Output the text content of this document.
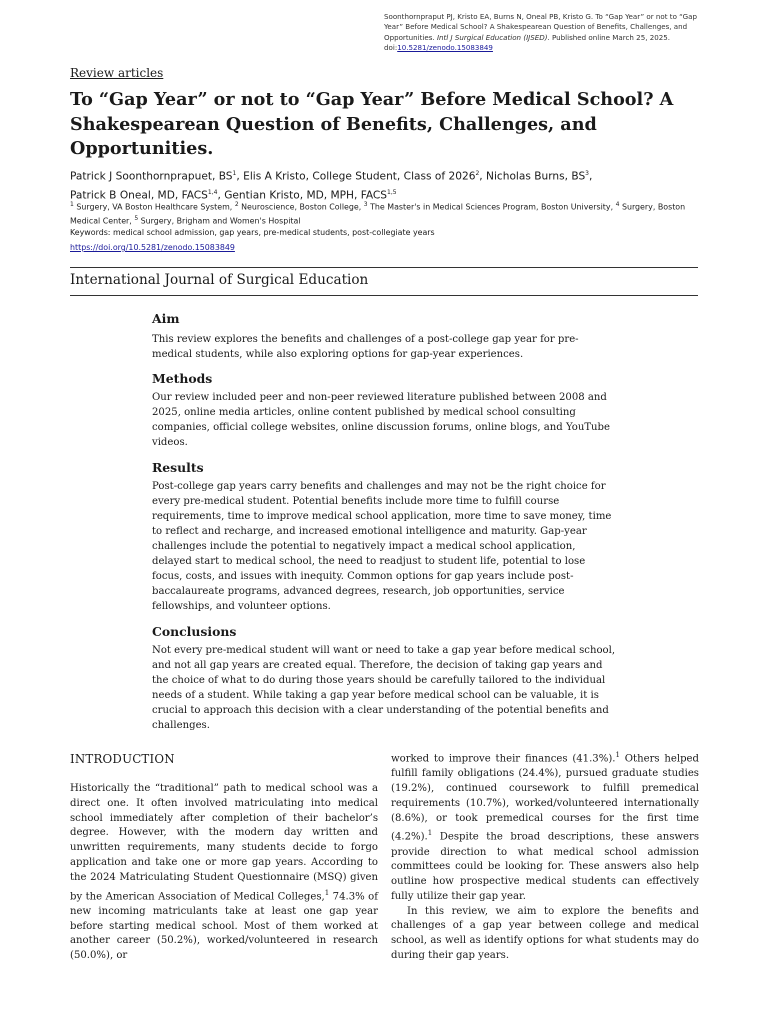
Soonthornpraput PJ, Kristo EA, Burns N, Oneal PB, Kristo G. To “Gap Year” or not to “Gap Year” Before Medical School? A Shakespearean Question of Benefits, Challenges, and Opportunities. Intl J Surgical Education (IJSED). Published online March 25, 2025. doi:10.5281/zenodo.15083849
Review articles
To “Gap Year” or not to “Gap Year” Before Medical School? A Shakespearean Question of Benefits, Challenges, and Opportunities.
Patrick J Soonthornprapuet, $BS^1$, Elis A Kristo, College Student, Class of 2026$^2$, Nicholas Burns, $BS^3$,
Patrick B Oneal, MD, FACS$^{1,4}$, Gentian Kristo, MD, MPH, FACS$^{1,5}$
$^1$ Surgery, VA Boston Healthcare System, $^2$ Neuroscience, Boston College, $^3$ The Master's in Medical Sciences Program, Boston University, $^4$ Surgery, Boston Medical Center, $^5$ Surgery, Brigham and Women's Hospital
Keywords: medical school admission, gap years, pre-medical students, post-collegiate years
https://doi.org/10.5281/zenodo.15083849
International Journal of Surgical Education
Aim

This review explores the benefits and challenges of a post-college gap year for pre-medical students, while also exploring options for gap-year experiences.

Methods

Our review included peer and non-peer reviewed literature published between 2008 and 2025, online media articles, online content published by medical school consulting companies, official college websites, online discussion forums, online blogs, and YouTube videos.

Results

Post-college gap years carry benefits and challenges and may not be the right choice for every pre-medical student. Potential benefits include more time to fulfill course requirements, time to improve medical school application, more time to save money, time to reflect and recharge, and increased emotional intelligence and maturity. Gap-year challenges include the potential to negatively impact a medical school application, delayed start to medical school, the need to readjust to student life, potential to lose focus, costs, and issues with inequity. Common options for gap years include post-baccalaureate programs, advanced degrees, research, job opportunities, service fellowships, and volunteer options.

Conclusions

Not every pre-medical student will want or need to take a gap year before medical school, and not all gap years are created equal. Therefore, the decision of taking gap years and the choice of what to do during those years should be carefully tailored to the individual needs of a student. While taking a gap year before medical school can be valuable, it is crucial to approach this decision with a clear understanding of the potential benefits and challenges.

INTRODUCTION

Historically the “traditional” path to medical school was a direct one. It often involved matriculating into medical school immediately after completion of their bachelor’s degree. However, with the modern day written and unwritten requirements, many students decide to forgo application and take one or more gap years. According to the 2024 Matriculating Student Questionnaire (MSQ) given by the American Association of Medical Colleges,$^1$ 74.3% of new incoming matriculants take at least one gap year before starting medical school. Most of them worked at another career (50.2%), worked/volunteered in research (50.0%), or

worked to improve their finances (41.3%).$^1$ Others helped fulfill family obligations (24.4%), pursued graduate studies (19.2%), continued coursework to fulfill premedical requirements (10.7%), worked/volunteered internationally (8.6%), or took premedical courses for the first time (4.2%).$^1$ Despite the broad descriptions, these answers provide direction to what medical school admission committees could be looking for. These answers also help outline how prospective medical students can effectively fully utilize their gap year.

In this review, we aim to explore the benefits and challenges of a gap year between college and medical school, as well as identify options for what students may do during their gap years.
